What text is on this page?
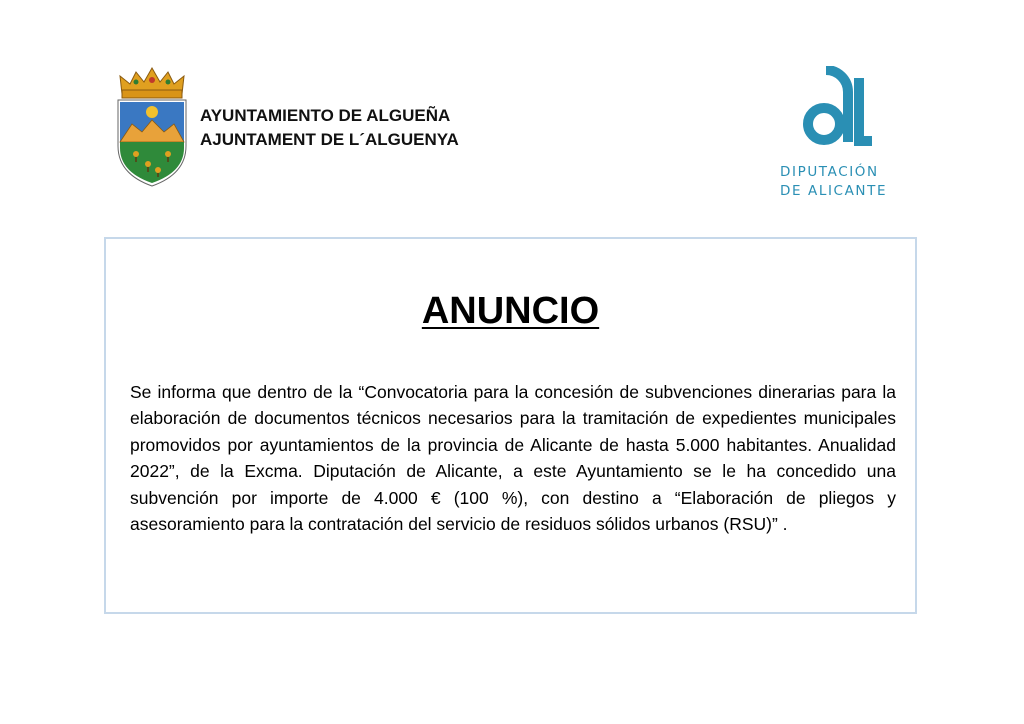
AYUNTAMIENTO DE ALGUEÑA
AJUNTAMENT DE L´ALGUENYA
DIPUTACIÓN
DE ALICANTE
ANUNCIO

Se informa que dentro de la “Convocatoria para la concesión de subvenciones dinerarias para la elaboración de documentos técnicos necesarios para la tramitación de expedientes municipales promovidos por ayuntamientos de la provincia de Alicante de hasta 5.000 habitantes. Anualidad 2022”, de la Excma. Diputación de Alicante, a este Ayuntamiento se le ha concedido una subvención por importe de 4.000 € (100 %), con destino a “Elaboración de pliegos y asesoramiento para la contratación del servicio de residuos sólidos urbanos (RSU)” .
